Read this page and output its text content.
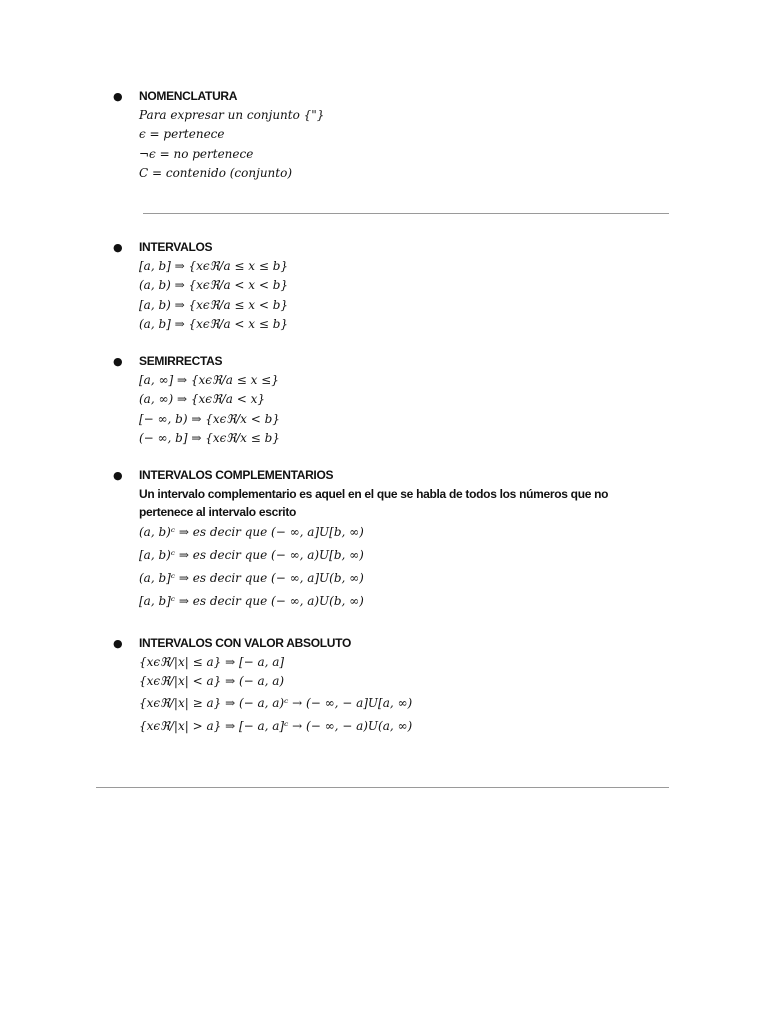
● NOMENCLATURA
Para expresar un conjunto {"}
ϵ = pertenece
¬ϵ = no pertenece
C = contenido (conjunto)
● INTERVALOS
[a, b] ⇒ {xϵℜ/a ≤ x ≤ b}
(a, b) ⇒ {xϵℜ/a < x < b}
[a, b) ⇒ {xϵℜ/a ≤ x < b}
(a, b] ⇒ {xϵℜ/a < x ≤ b}
● SEMIRRECTAS
[a, ∞] ⇒ {xϵℜ/a ≤ x ≤}
(a, ∞) ⇒ {xϵℜ/a < x}
[− ∞, b) ⇒ {xϵℜ/x < b}
(− ∞, b] ⇒ {xϵℜ/x ≤ b}
● INTERVALOS COMPLEMENTARIOS
Un intervalo complementario es aquel en el que se habla de todos los números que no pertenece al intervalo escrito
(a, b)ᶜ ⇒ es decir que (− ∞, a]U[b, ∞)
[a, b)ᶜ ⇒ es decir que (− ∞, a)U[b, ∞)
(a, b]ᶜ ⇒ es decir que (− ∞, a]U(b, ∞)
[a, b]ᶜ ⇒ es decir que (− ∞, a)U(b, ∞)
● INTERVALOS CON VALOR ABSOLUTO
{xϵℜ/|x| ≤ a} ⇒ [− a, a]
{xϵℜ/|x| < a} ⇒ (− a, a)
{xϵℜ/|x| ≥ a} ⇒ (− a, a)ᶜ → (− ∞, − a]U[a, ∞)
{xϵℜ/|x| > a} ⇒ [− a, a]ᶜ → (− ∞, − a)U(a, ∞)
